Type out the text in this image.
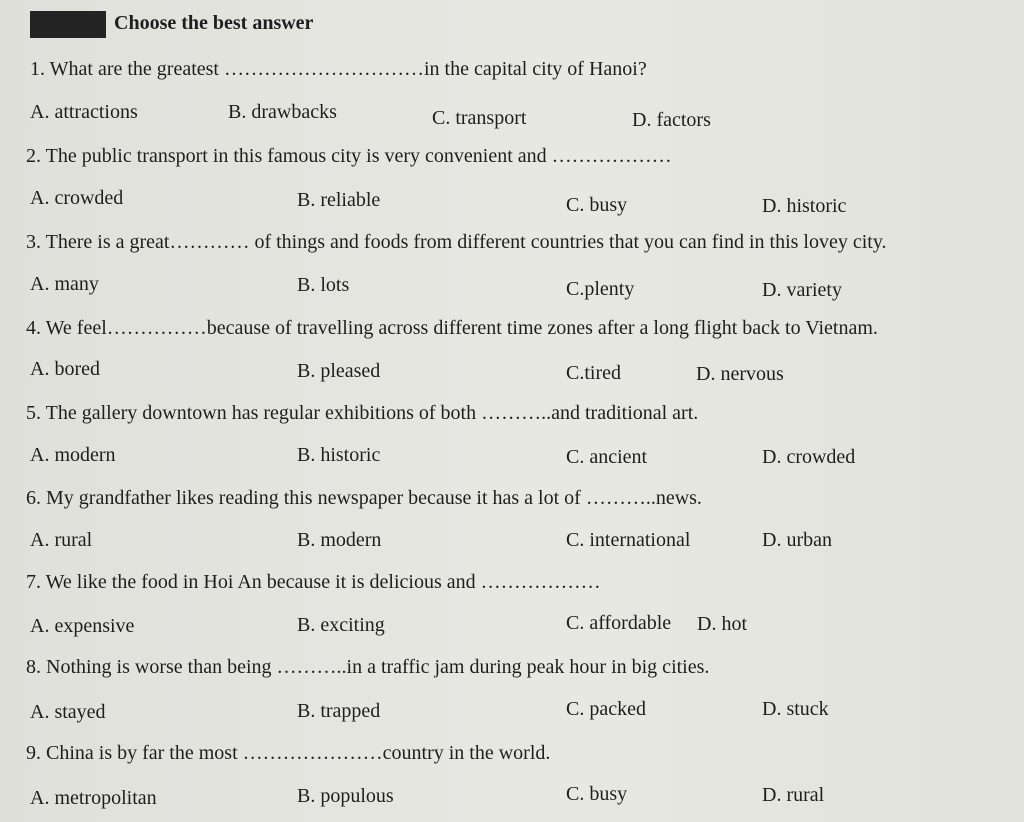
Choose the best answer
1. What are the greatest …………………………in the capital city of Hanoi?
A. attractions	B. drawbacks	C. transport	D. factors
2. The public transport in this famous city is very convenient and ………………
A. crowded	B. reliable	C. busy	D. historic
3. There is a great………… of things and foods from different countries that you can find in this lovey city.
A. many	B. lots	C.plenty	D. variety
4. We feel……………because of travelling across different time zones after a long flight back to Vietnam.
A. bored	B. pleased	C.tired	D. nervous
5. The gallery downtown has regular exhibitions of both ………..and traditional art.
A. modern	B. historic	C. ancient	D. crowded
6. My grandfather likes reading this newspaper because it has a lot of ………..news.
A. rural	B. modern	C. international	D. urban
7. We like the food in Hoi An because it is delicious and ………………
A. expensive	B. exciting	C. affordable D. hot
8. Nothing is worse than being ………..in a traffic jam during peak hour in big cities.
A. stayed	B. trapped	C. packed	D. stuck
9. China is by far the most …………………country in the world.
A. metropolitan	B. populous	C. busy	D. rural
